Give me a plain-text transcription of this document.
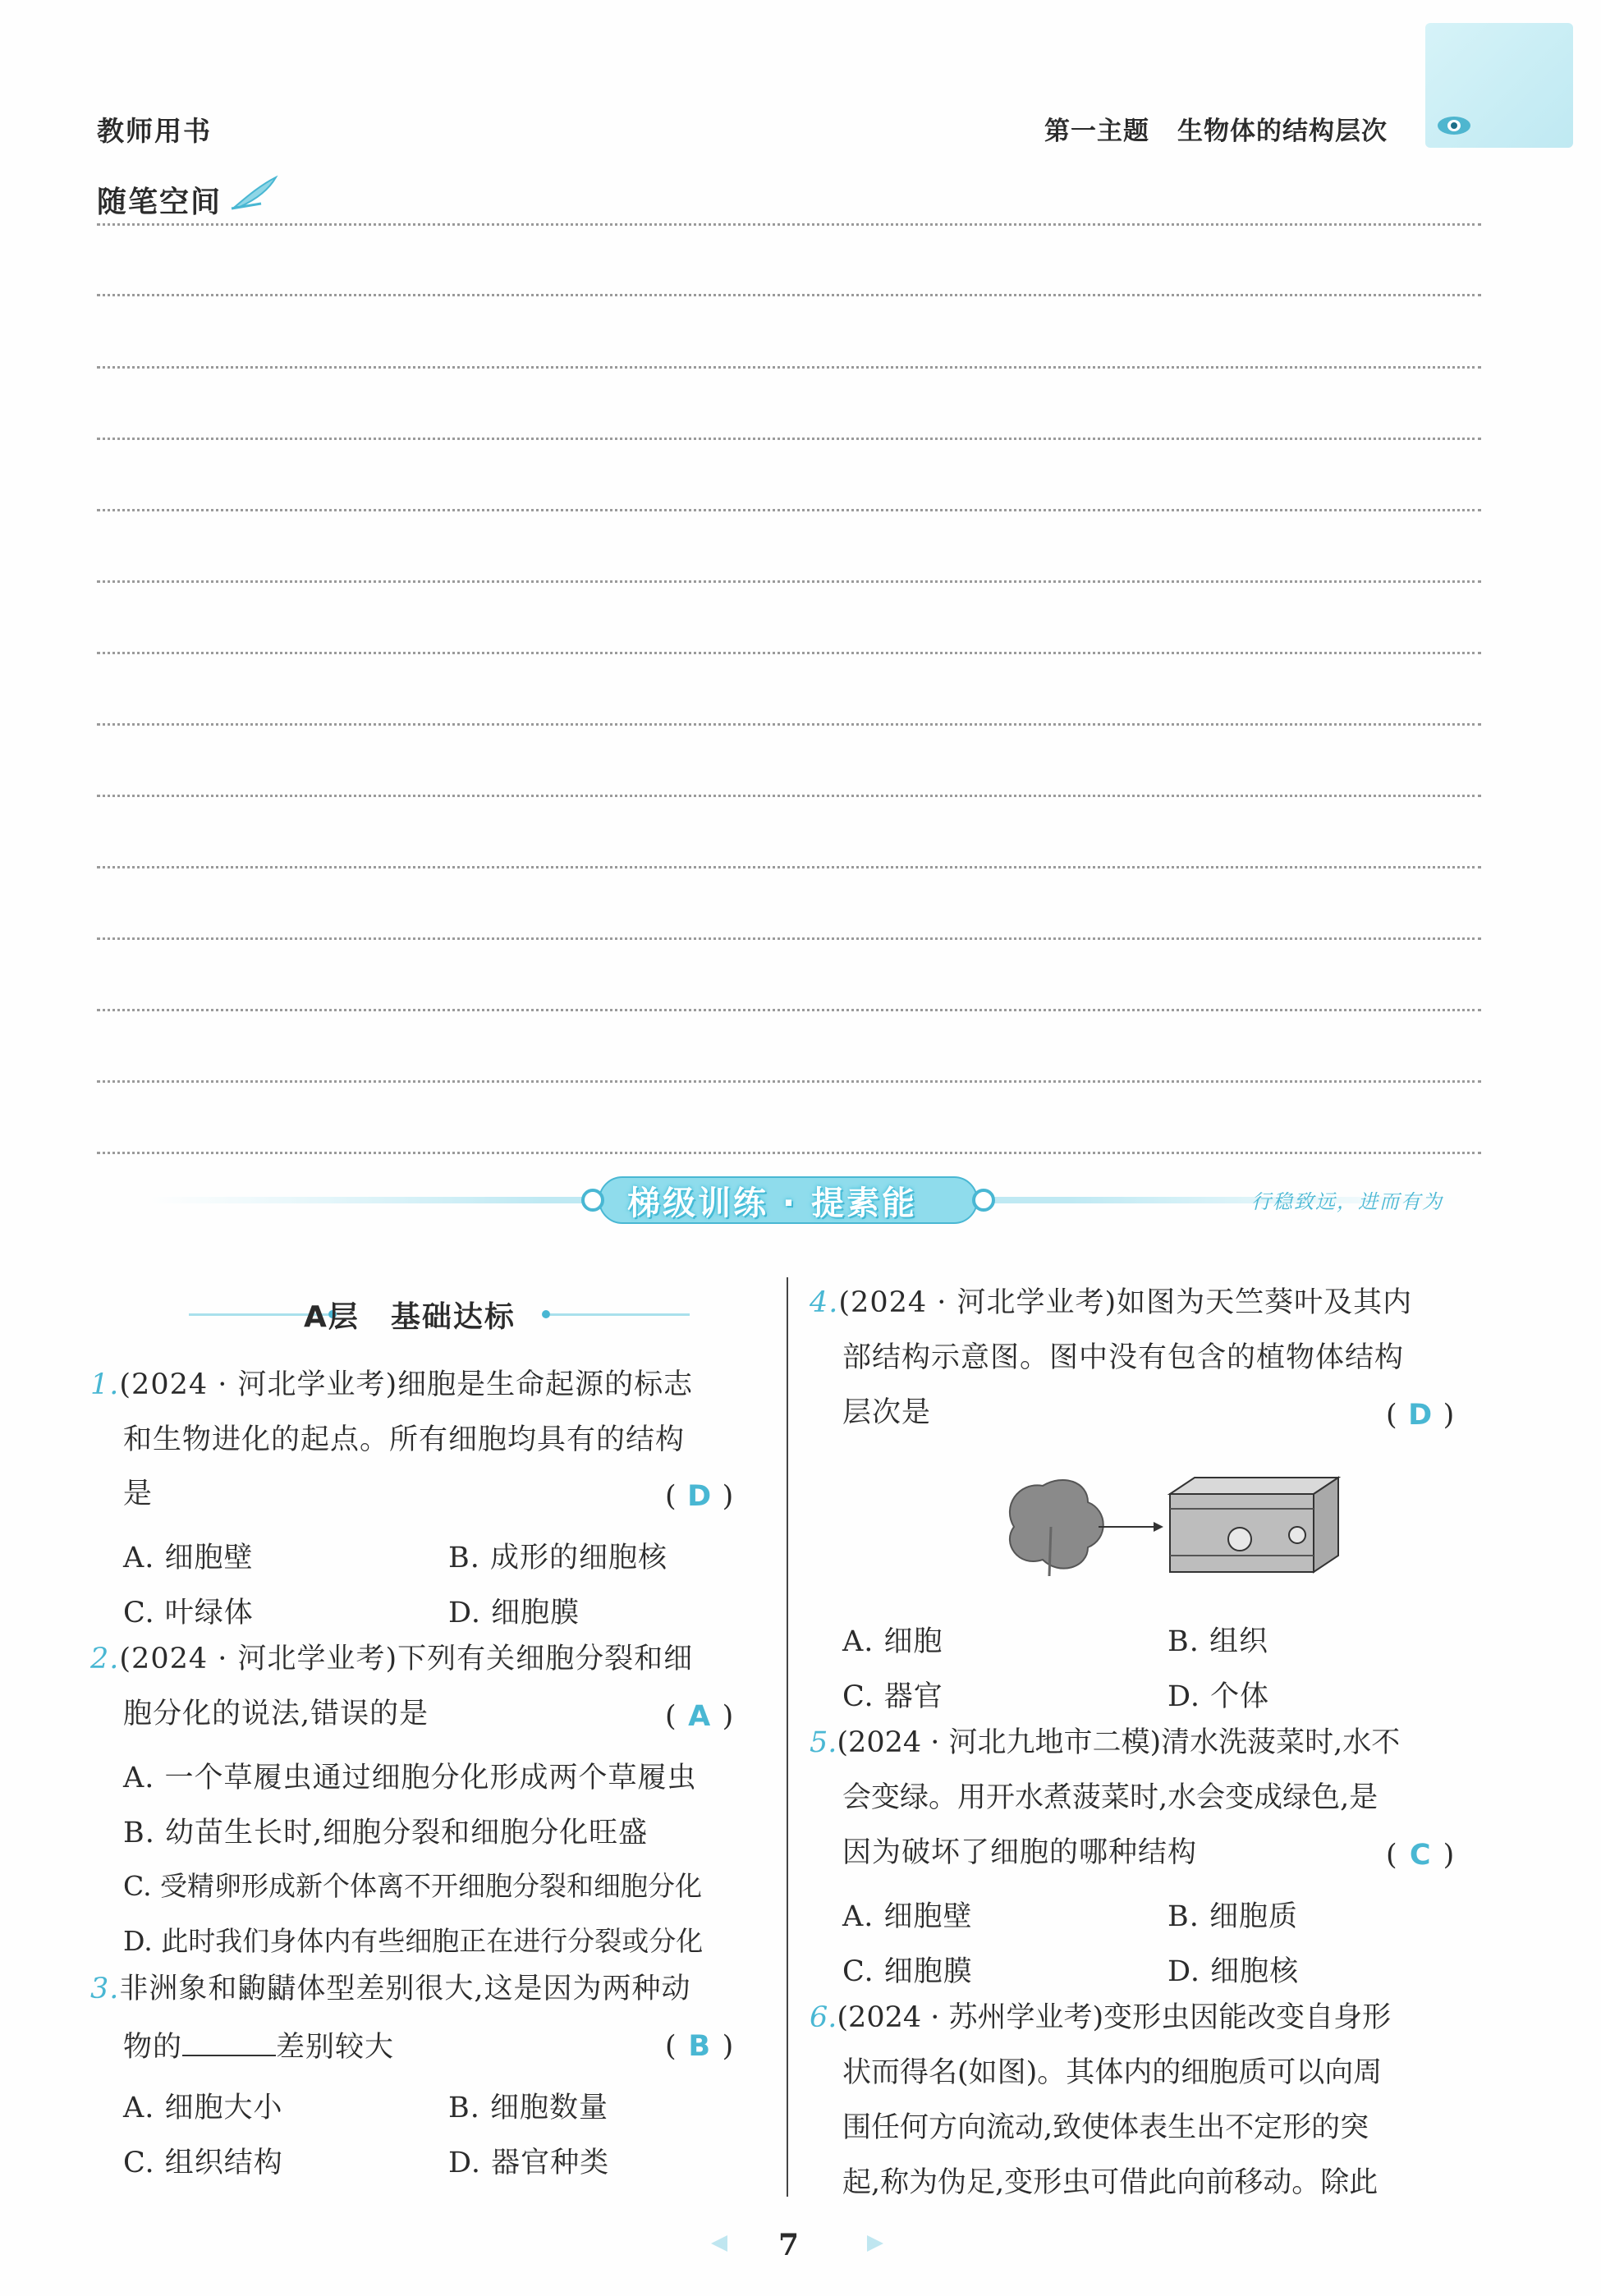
教师用书	第一主题 生物体的结构层次
随笔空间
梯级训练 · 提素能	行稳致远，进而有为
A层　基础达标
1.(2024 · 河北学业考)细胞是生命起源的标志
和生物进化的起点。所有细胞均具有的结构
是	( D )
A. 细胞壁	B. 成形的细胞核
C. 叶绿体	D. 细胞膜
2.(2024 · 河北学业考)下列有关细胞分裂和细
胞分化的说法,错误的是	( A )
A. 一个草履虫通过细胞分化形成两个草履虫
B. 幼苗生长时,细胞分裂和细胞分化旺盛
C. 受精卵形成新个体离不开细胞分裂和细胞分化
D. 此时我们身体内有些细胞正在进行分裂或分化
3.非洲象和鼩鼱体型差别很大,这是因为两种动
物的	差别较大	( B )
A. 细胞大小	B. 细胞数量
C. 组织结构	D. 器官种类
4.(2024 · 河北学业考)如图为天竺葵叶及其内
部结构示意图。图中没有包含的植物体结构
层次是	( D )
A. 细胞	B. 组织
C. 器官	D. 个体
5.(2024 · 河北九地市二模)清水洗菠菜时,水不
会变绿。用开水煮菠菜时,水会变成绿色,是
因为破坏了细胞的哪种结构	( C )
A. 细胞壁	B. 细胞质
C. 细胞膜	D. 细胞核
6.(2024 · 苏州学业考)变形虫因能改变自身形
状而得名(如图)。其体内的细胞质可以向周
围任何方向流动,致使体表生出不定形的突
起,称为伪足,变形虫可借此向前移动。除此
7
